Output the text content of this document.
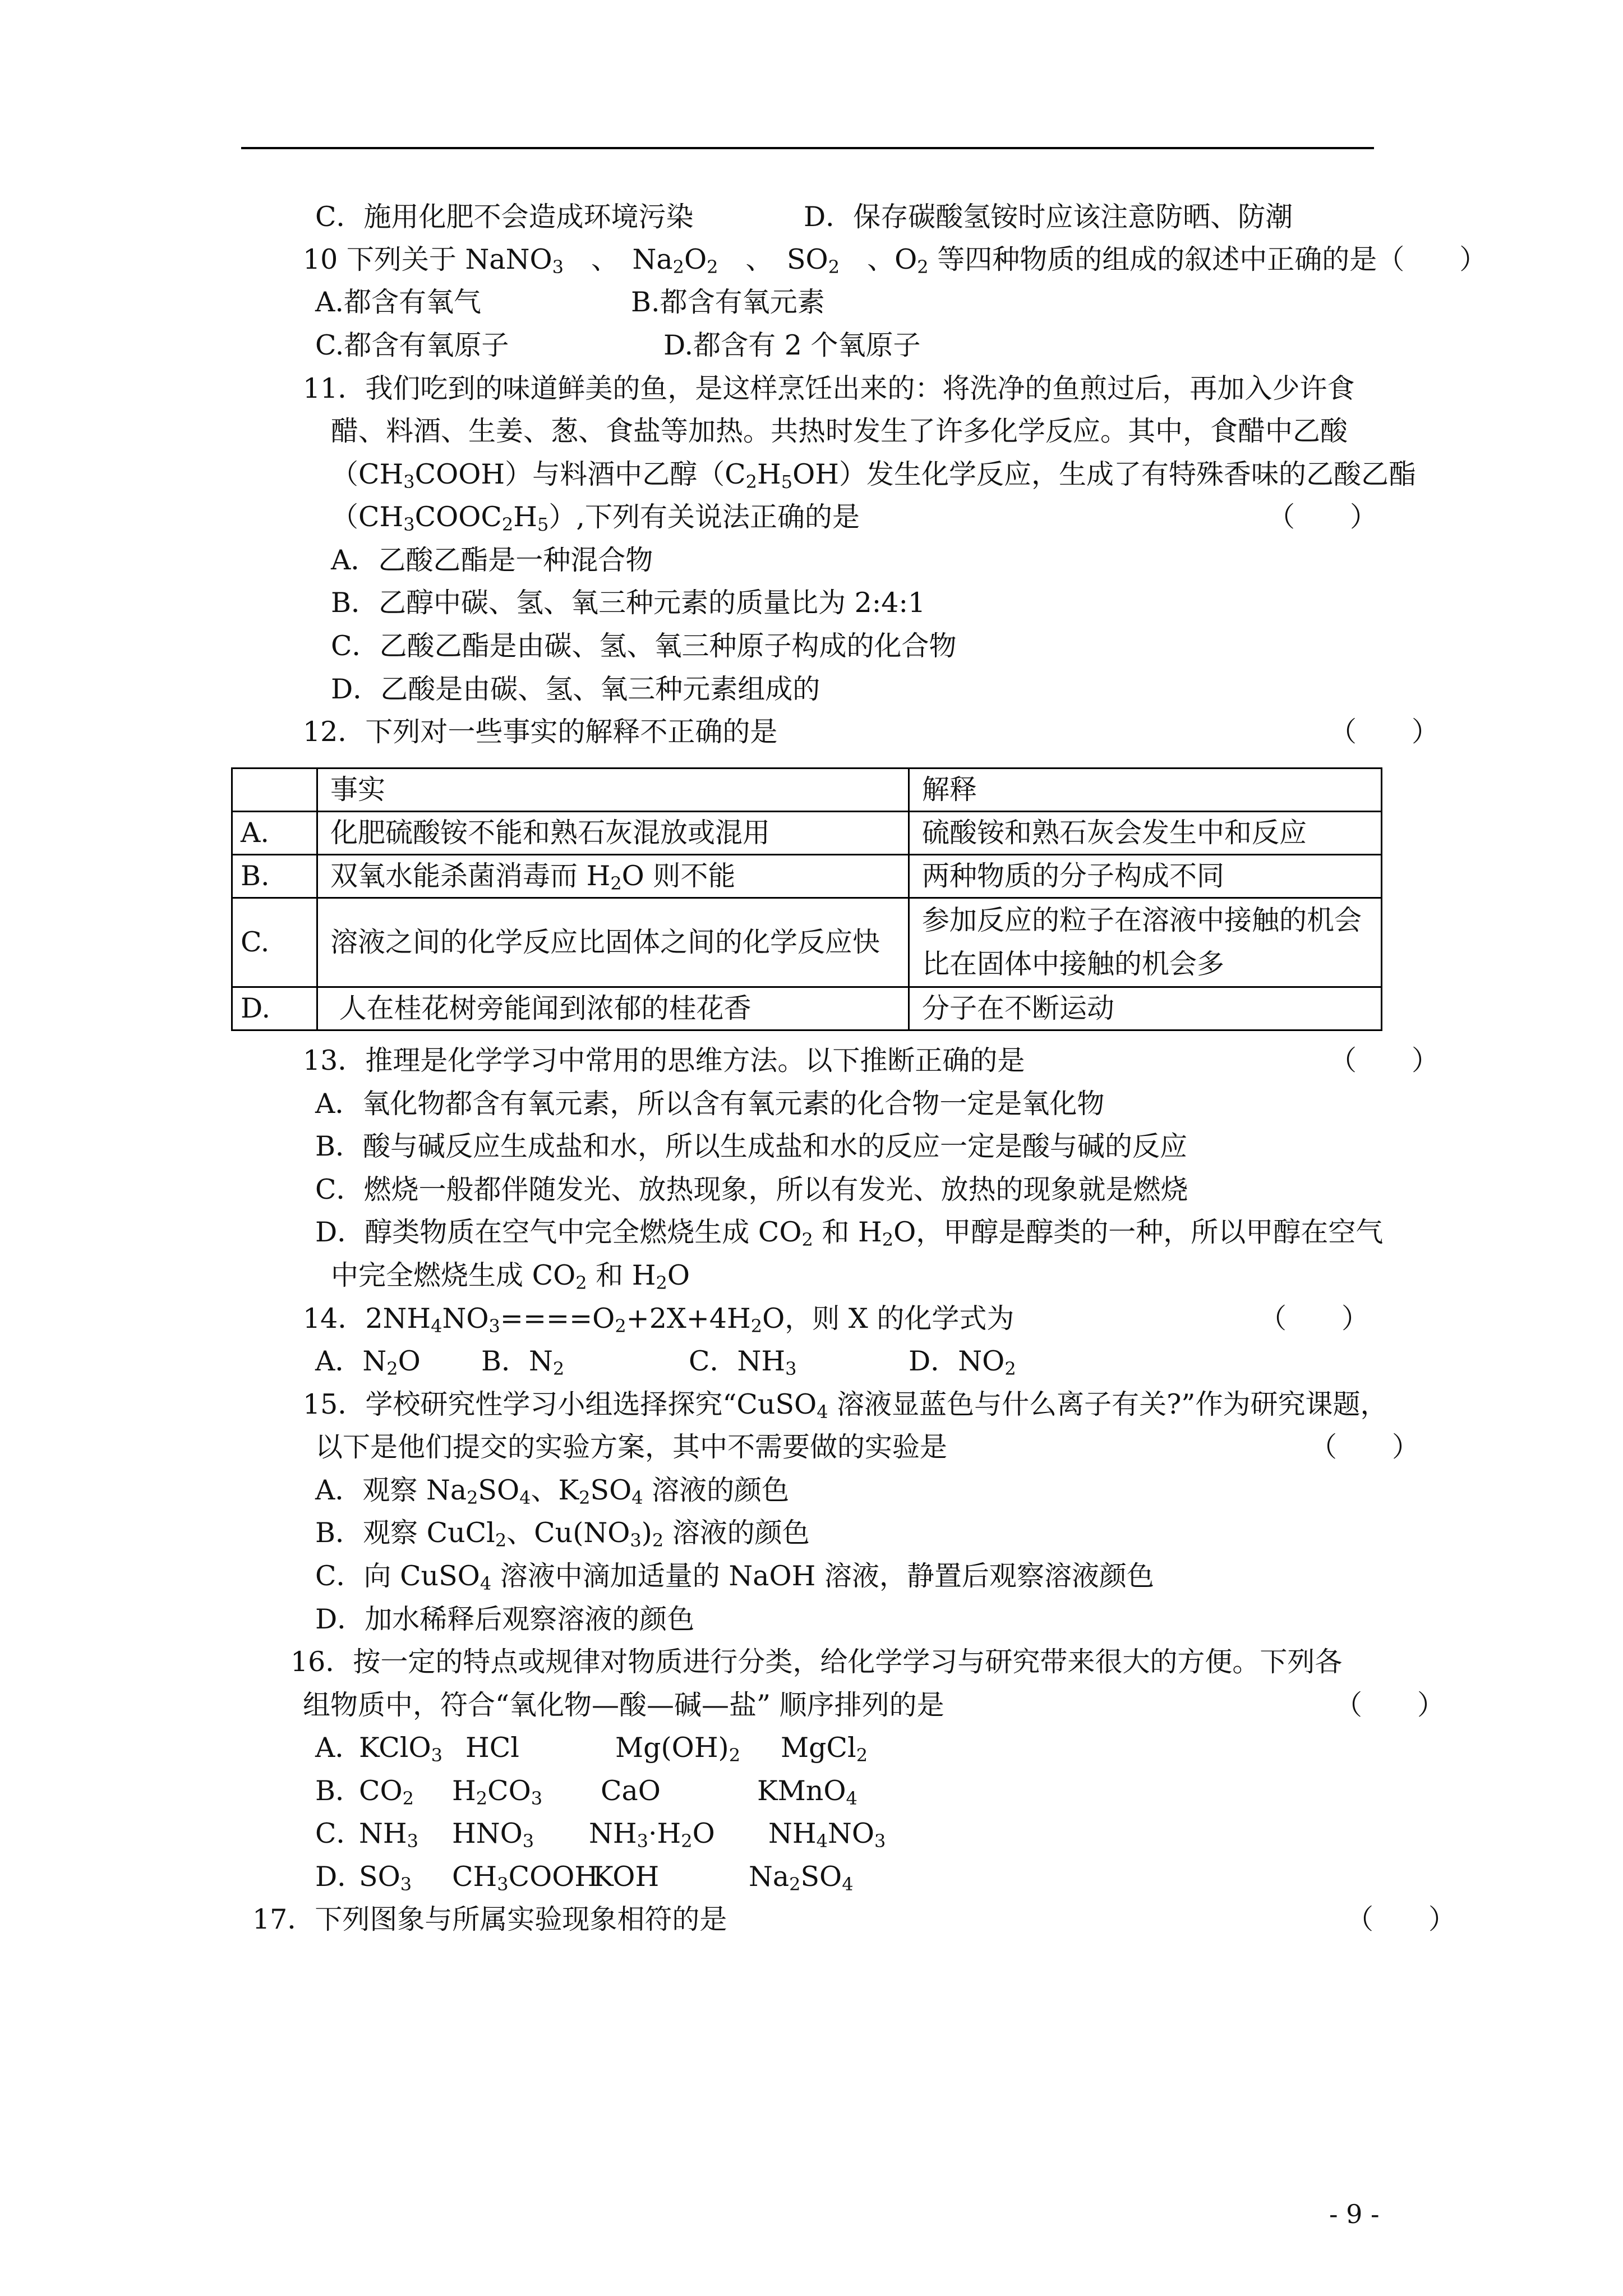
C．施用化肥不会造成环境污染	D．保存碳酸氢铵时应该注意防晒、防潮
10 下列关于 NaNO$_3$　、　$Na_2O_2$　、　$SO_2$　、$O_2$ 等四种物质的组成的叙述中正确的是（　　）
A.都含有氧气	B.都含有氧元素
C.都含有氧原子	D.都含有 2 个氧原子
11．我们吃到的味道鲜美的鱼，是这样烹饪出来的：将洗净的鱼煎过后，再加入少许食
醋、料酒、生姜、葱、食盐等加热。共热时发生了许多化学反应。其中，食醋中乙酸
$(CH_3COOH)$与料酒中乙醇$(C_2H_5OH)$发生化学反应，生成了有特殊香味的乙酸乙酯
$(CH_3COOC_2H_5)$,下列有关说法正确的是	（　　）
A．乙酸乙酯是一种混合物
B．乙醇中碳、氢、氧三种元素的质量比为 2:4:1
C．乙酸乙酯是由碳、氢、氧三种原子构成的化合物
D．乙酸是由碳、氢、氧三种元素组成的
12．下列对一些事实的解释不正确的是	（　　）
	事实	解释
A.	化肥硫酸铵不能和熟石灰混放或混用	硫酸铵和熟石灰会发生中和反应
B.	双氧水能杀菌消毒而 $H_2O$ 则不能	两种物质的分子构成不同
C.	溶液之间的化学反应比固体之间的化学反应快	参加反应的粒子在溶液中接触的机会比在固体中接触的机会多
D.	人在桂花树旁能闻到浓郁的桂花香	分子在不断运动
13．推理是化学学习中常用的思维方法。以下推断正确的是	（　　）
A．氧化物都含有氧元素，所以含有氧元素的化合物一定是氧化物
B．酸与碱反应生成盐和水，所以生成盐和水的反应一定是酸与碱的反应
C．燃烧一般都伴随发光、放热现象，所以有发光、放热的现象就是燃烧
D．醇类物质在空气中完全燃烧生成 $CO_2$ 和 $H_2O$，甲醇是醇类的一种，所以甲醇在空气
中完全燃烧生成 $CO_2$ 和 $H_2O$
14．$2NH_4NO_3====O_2+2X+4H_2O$，则 X 的化学式为	（　　）
A．$N_2O$ B．$N_2$	C．$NH_3$	D．$NO_2$
15．学校研究性学习小组选择探究“CuSO$_4$ 溶液显蓝色与什么离子有关?”作为研究课题，
以下是他们提交的实验方案，其中不需要做的实验是	（　　）
A．观察 $Na_2SO_4$、$K_2SO_4$ 溶液的颜色
B．观察 CuCl$_2$、$Cu(NO_3)_2$ 溶液的颜色
C．向 CuSO$_4$ 溶液中滴加适量的 NaOH 溶液，静置后观察溶液颜色
D．加水稀释后观察溶液的颜色
16．按一定的特点或规律对物质进行分类，给化学学习与研究带来很大的方便。下列各
组物质中，符合“氧化物—酸—碱—盐” 顺序排列的是	（　　）
A．
KClO$_3$ HCl	$Mg(OH)_2$ MgCl$_2$
B．
$CO_2$ $H_2CO_3$ CaO	KMnO$_4$
C．
$NH_3$ $HNO_3$ $NH_3\cdot H_2O$ $NH_4NO_3$
D．
$SO_3$ $CH_3COOH$
KOH	$Na_2SO_4$
17．下列图象与所属实验现象相符的是	（　　）
- 9 -
